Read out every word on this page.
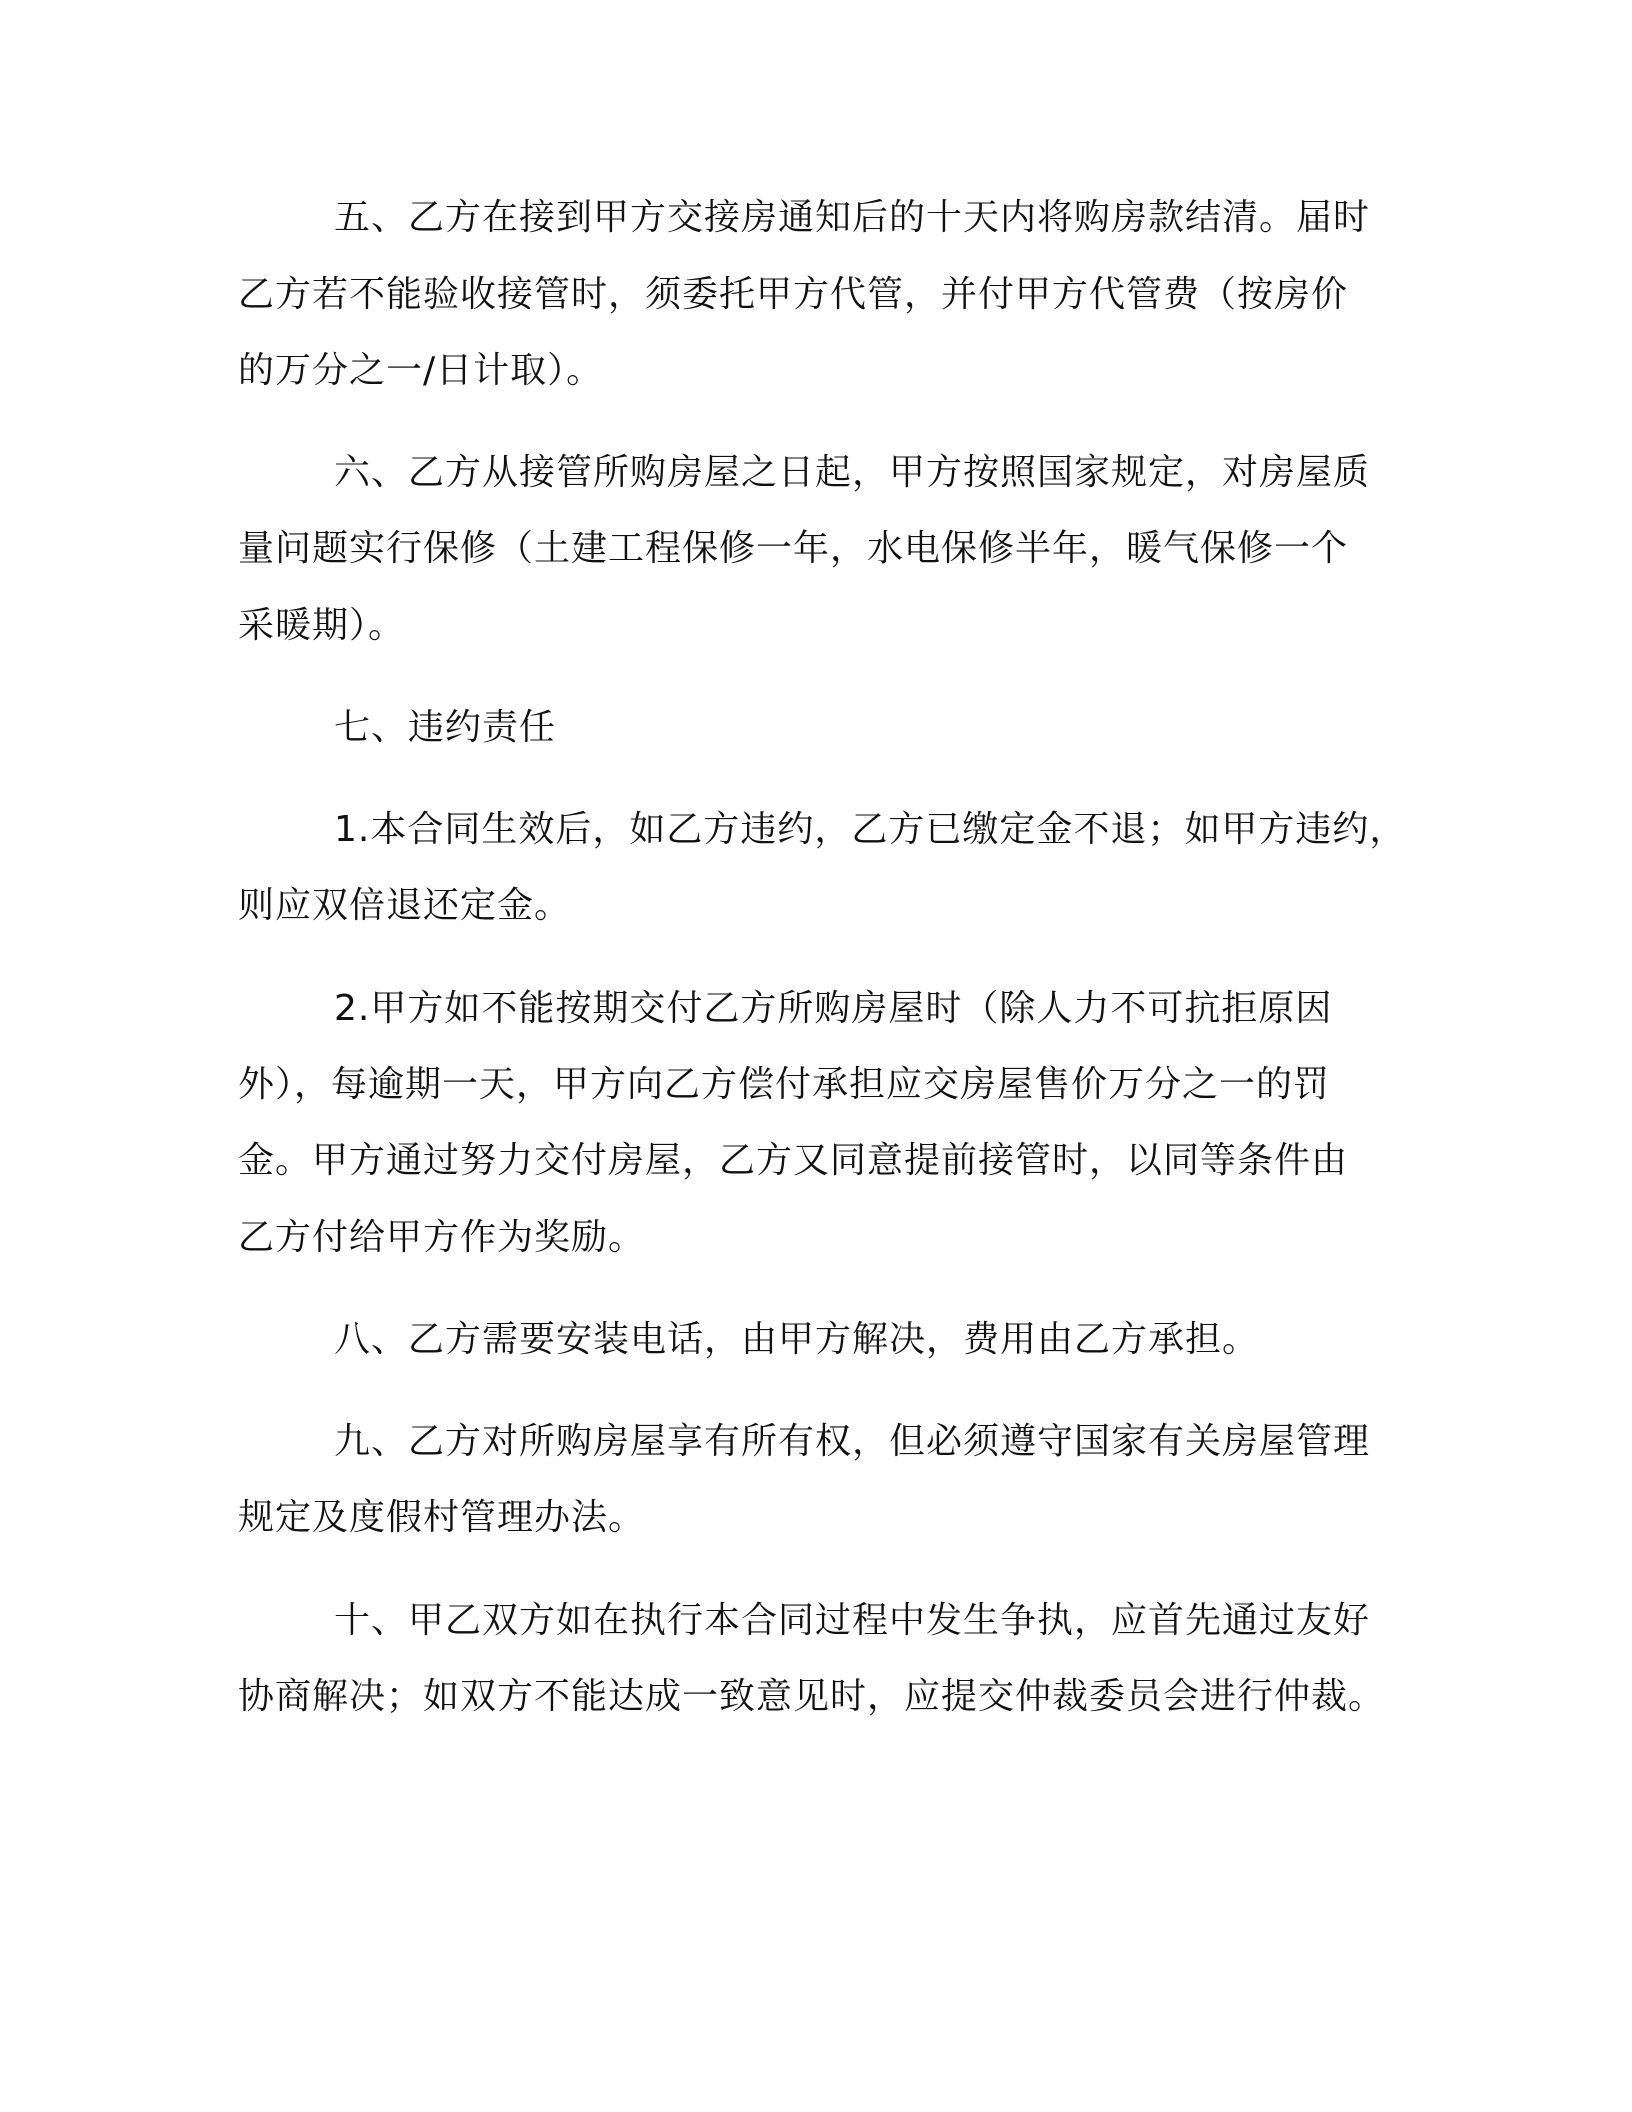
五、乙方在接到甲方交接房通知后的十天内将购房款结清。届时
乙方若不能验收接管时，须委托甲方代管，并付甲方代管费（按房价
的万分之一/日计取）。
六、乙方从接管所购房屋之日起，甲方按照国家规定，对房屋质
量问题实行保修（土建工程保修一年，水电保修半年，暖气保修一个
采暖期）。
七、违约责任
1.本合同生效后，如乙方违约，乙方已缴定金不退；如甲方违约，
则应双倍退还定金。
2.甲方如不能按期交付乙方所购房屋时（除人力不可抗拒原因
外），每逾期一天，甲方向乙方偿付承担应交房屋售价万分之一的罚
金。甲方通过努力交付房屋，乙方又同意提前接管时，以同等条件由
乙方付给甲方作为奖励。
八、乙方需要安装电话，由甲方解决，费用由乙方承担。
九、乙方对所购房屋享有所有权，但必须遵守国家有关房屋管理
规定及度假村管理办法。
十、甲乙双方如在执行本合同过程中发生争执，应首先通过友好
协商解决；如双方不能达成一致意见时，应提交仲裁委员会进行仲裁。
